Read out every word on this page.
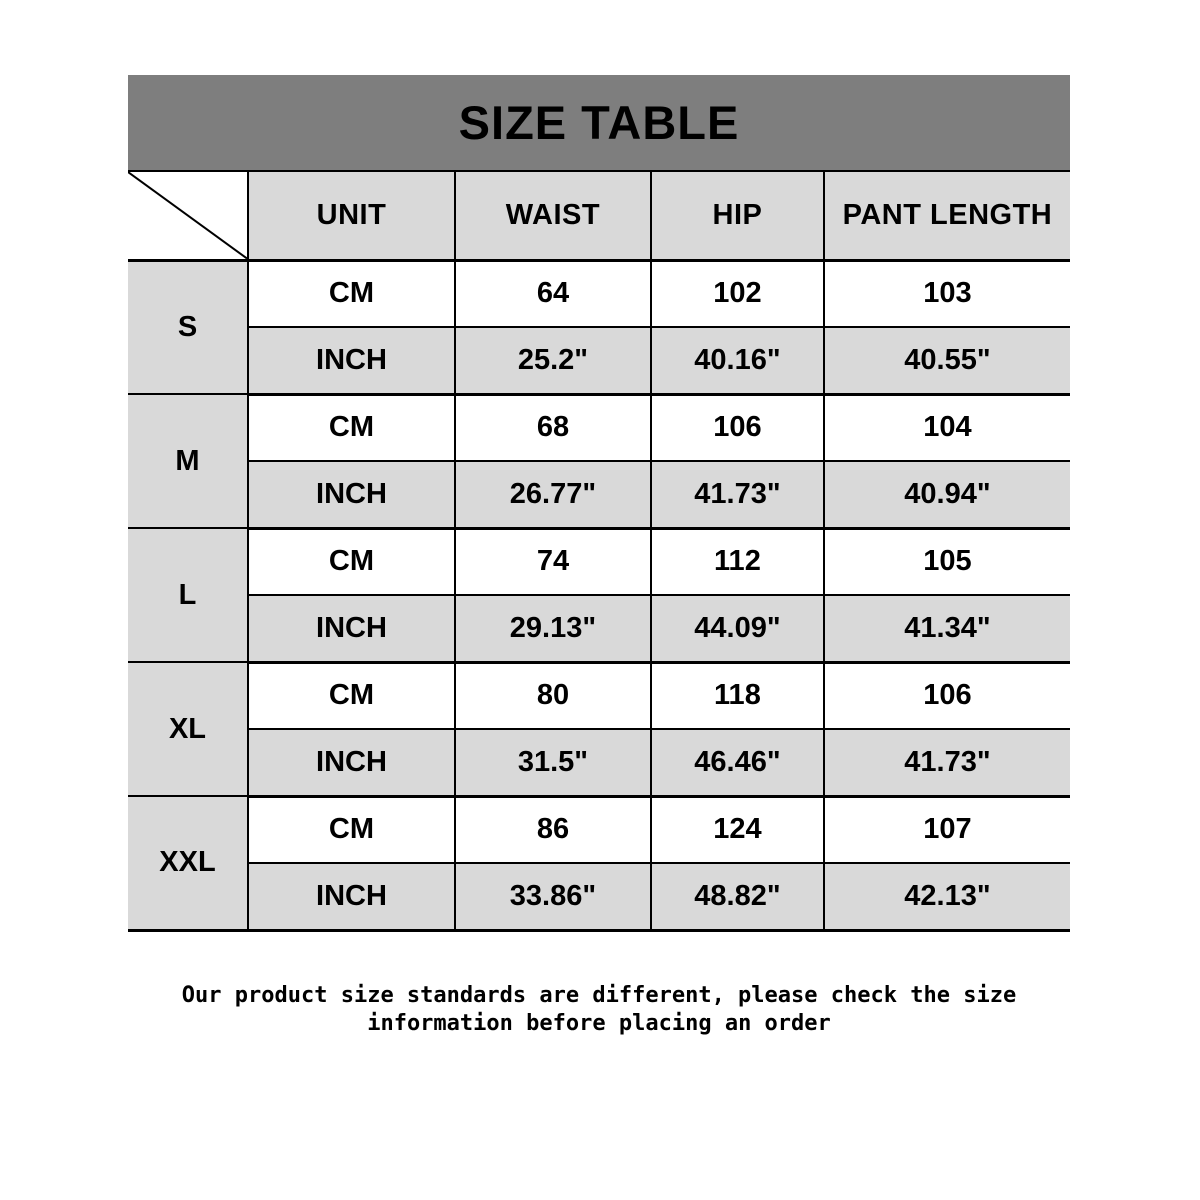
SIZE TABLE
	UNIT	WAIST	HIP	PANT LENGTH
S	CM	64	102	103
	INCH	25.2"	40.16"	40.55"
M	CM	68	106	104
	INCH	26.77"	41.73"	40.94"
L	CM	74	112	105
	INCH	29.13"	44.09"	41.34"
XL	CM	80	118	106
	INCH	31.5"	46.46"	41.73"
XXL	CM	86	124	107
	INCH	33.86"	48.82"	42.13"
Our product size standards are different, please check the size
information before placing an order
